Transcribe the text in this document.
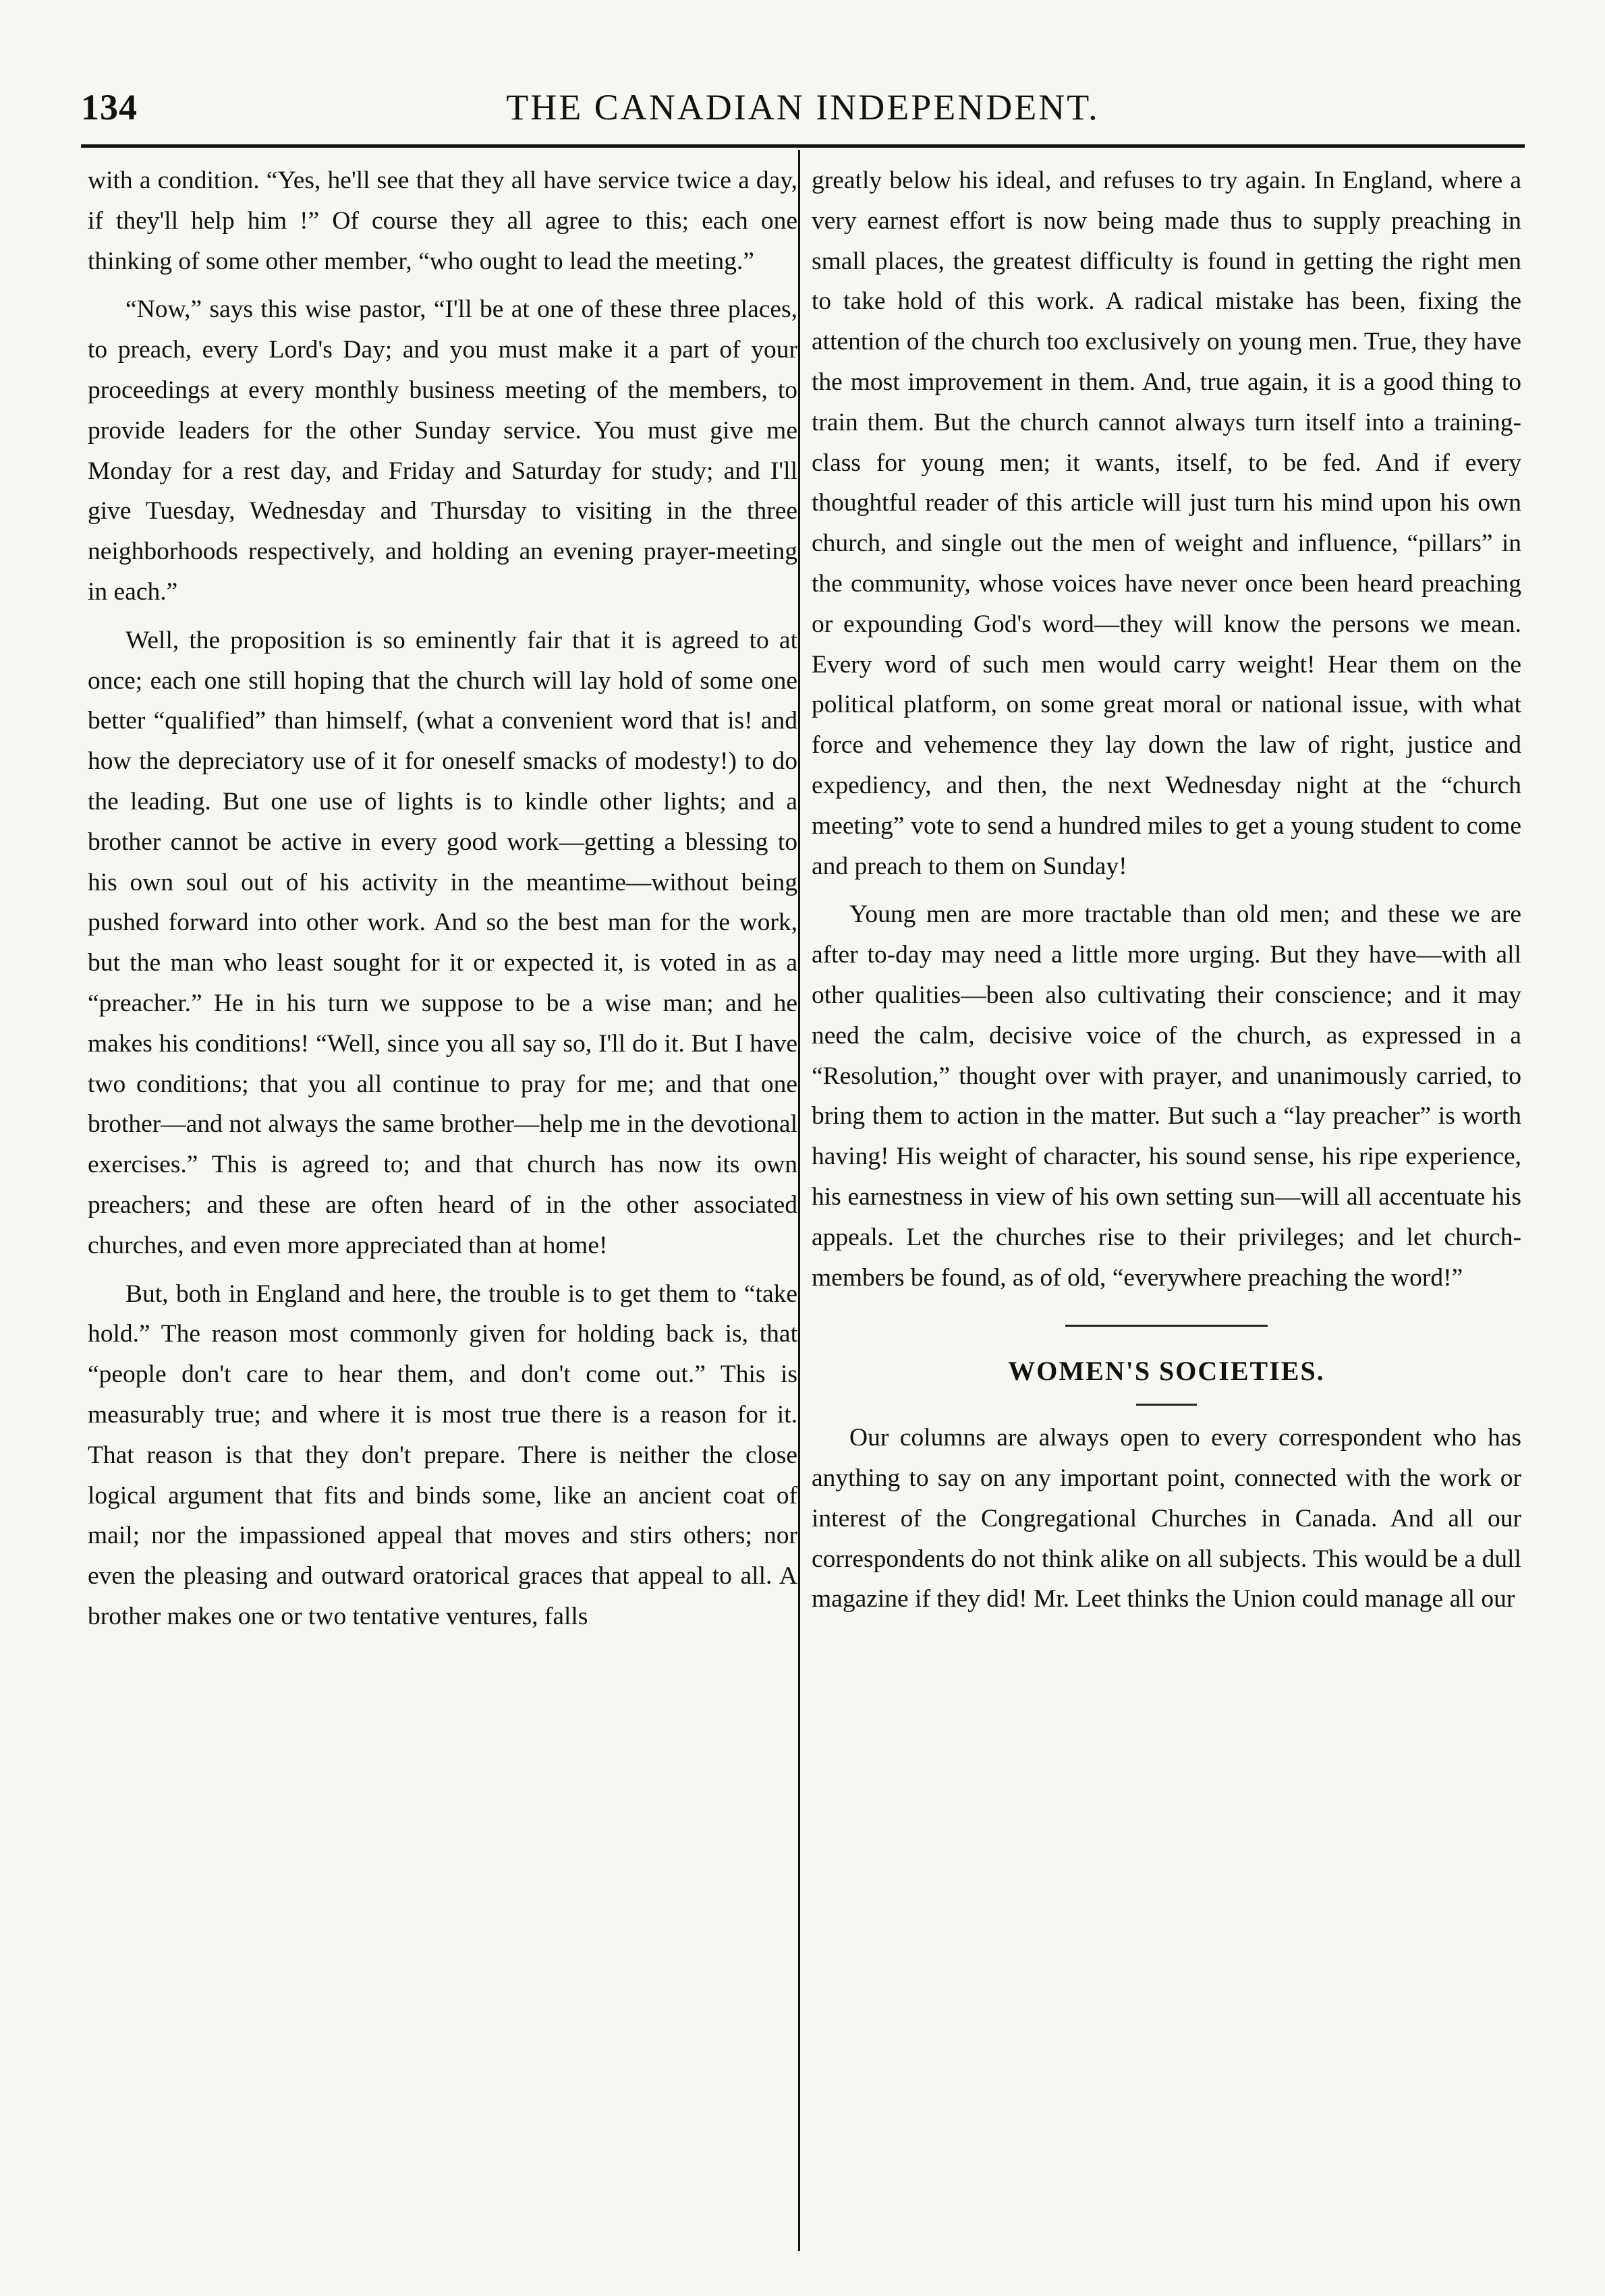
134	THE CANADIAN INDEPENDENT.

with a condition. “Yes, he'll see that they all have service twice a day, if they'll help him !” Of course they all agree to this; each one thinking of some other member, “who ought to lead the meeting.”

“Now,” says this wise pastor, “I'll be at one of these three places, to preach, every Lord's Day; and you must make it a part of your proceedings at every monthly business meeting of the members, to provide leaders for the other Sunday service. You must give me Monday for a rest day, and Friday and Saturday for study; and I'll give Tuesday, Wednesday and Thursday to visiting in the three neighborhoods respectively, and holding an evening prayer-meeting in each.”

Well, the proposition is so eminently fair that it is agreed to at once; each one still hoping that the church will lay hold of some one better “qualified” than himself, (what a convenient word that is! and how the depreciatory use of it for oneself smacks of modesty!) to do the leading. But one use of lights is to kindle other lights; and a brother cannot be active in every good work—getting a blessing to his own soul out of his activity in the meantime—without being pushed forward into other work. And so the best man for the work, but the man who least sought for it or expected it, is voted in as a “preacher.” He in his turn we suppose to be a wise man; and he makes his conditions! “Well, since you all say so, I'll do it. But I have two conditions; that you all continue to pray for me; and that one brother—and not always the same brother—help me in the devotional exercises.” This is agreed to; and that church has now its own preachers; and these are often heard of in the other associated churches, and even more appreciated than at home!

But, both in England and here, the trouble is to get them to “take hold.” The reason most commonly given for holding back is, that “people don't care to hear them, and don't come out.” This is measurably true; and where it is most true there is a reason for it. That reason is that they don't prepare. There is neither the close logical argument that fits and binds some, like an ancient coat of mail; nor the impassioned appeal that moves and stirs others; nor even the pleasing and outward oratorical graces that appeal to all. A brother makes one or two tentative ventures, falls

greatly below his ideal, and refuses to try again. In England, where a very earnest effort is now being made thus to supply preaching in small places, the greatest difficulty is found in getting the right men to take hold of this work. A radical mistake has been, fixing the attention of the church too exclusively on young men. True, they have the most improvement in them. And, true again, it is a good thing to train them. But the church cannot always turn itself into a training-class for young men; it wants, itself, to be fed. And if every thoughtful reader of this article will just turn his mind upon his own church, and single out the men of weight and influence, “pillars” in the community, whose voices have never once been heard preaching or expounding God's word—they will know the persons we mean. Every word of such men would carry weight! Hear them on the political platform, on some great moral or national issue, with what force and vehemence they lay down the law of right, justice and expediency, and then, the next Wednesday night at the “church meeting” vote to send a hundred miles to get a young student to come and preach to them on Sunday!

Young men are more tractable than old men; and these we are after to-day may need a little more urging. But they have—with all other qualities—been also cultivating their conscience; and it may need the calm, decisive voice of the church, as expressed in a “Resolution,” thought over with prayer, and unanimously carried, to bring them to action in the matter. But such a “lay preacher” is worth having! His weight of character, his sound sense, his ripe experience, his earnestness in view of his own setting sun—will all accentuate his appeals. Let the churches rise to their privileges; and let church-members be found, as of old, “everywhere preaching the word!”

WOMEN'S SOCIETIES.

Our columns are always open to every correspondent who has anything to say on any important point, connected with the work or interest of the Congregational Churches in Canada. And all our correspondents do not think alike on all subjects. This would be a dull magazine if they did! Mr. Leet thinks the Union could manage all our
